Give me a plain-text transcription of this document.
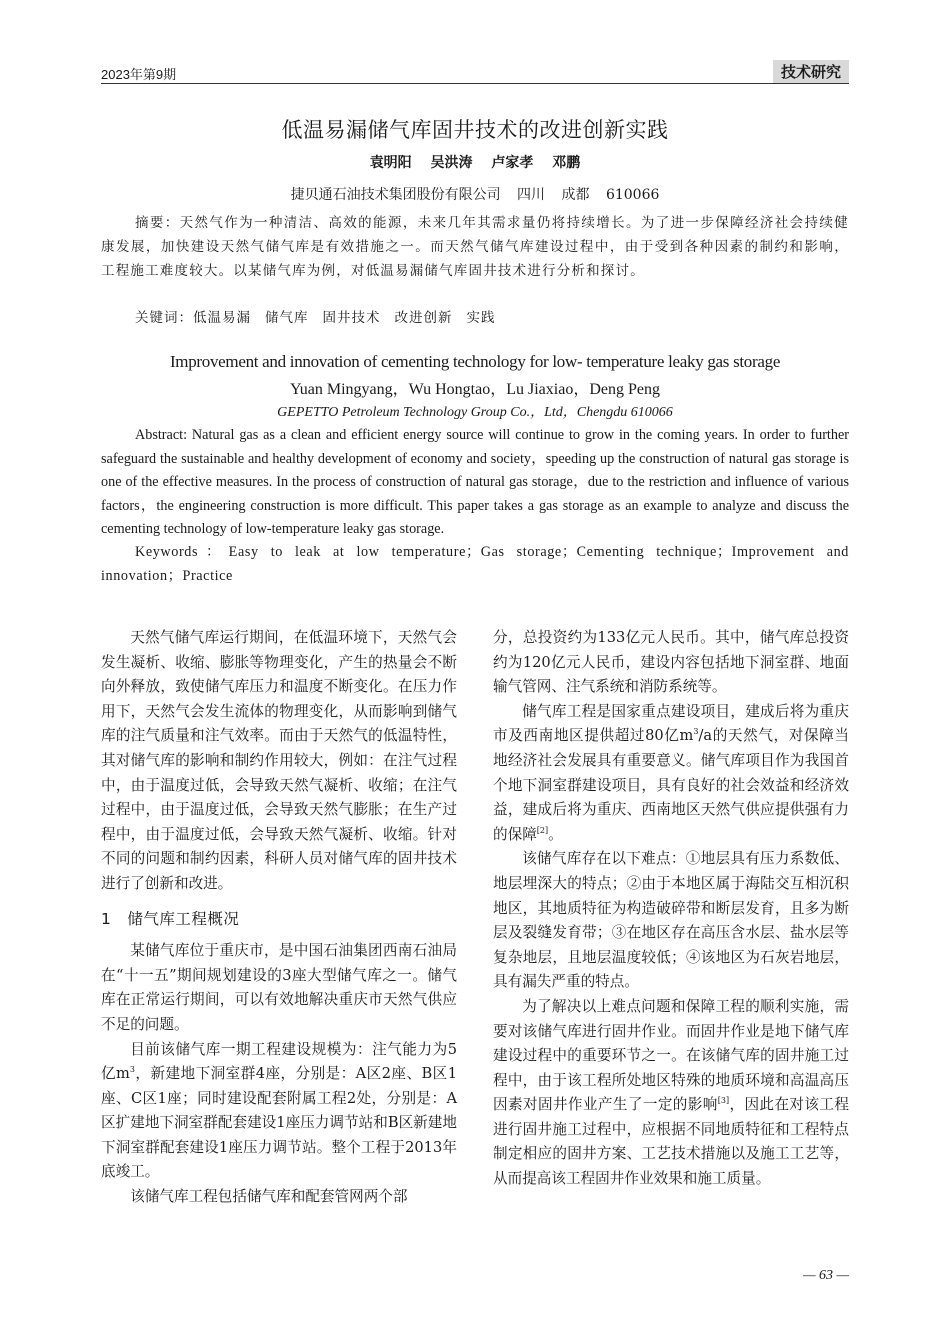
2023年第9期	技术研究
低温易漏储气库固井技术的改进创新实践
袁明阳 吴洪涛 卢家孝 邓鹏
捷贝通石油技术集团股份有限公司 四川 成都 610066
摘要：天然气作为一种清洁、高效的能源，未来几年其需求量仍将持续增长。为了进一步保障经济社会持续健康发展，加快建设天然气储气库是有效措施之一。而天然气储气库建设过程中，由于受到各种因素的制约和影响，工程施工难度较大。以某储气库为例，对低温易漏储气库固井技术进行分析和探讨。
关键词：低温易漏 储气库 固井技术 改进创新 实践
Improvement and innovation of cementing technology for low- temperature leaky gas storage
Yuan Mingyang，Wu Hongtao，Lu Jiaxiao，Deng Peng
GEPETTO Petroleum Technology Group Co.，Ltd，Chengdu 610066
Abstract: Natural gas as a clean and efficient energy source will continue to grow in the coming years. In order to further safeguard the sustainable and healthy development of economy and society，speeding up the construction of natural gas storage is one of the effective measures. In the process of construction of natural gas storage，due to the restriction and influence of various factors，the engineering construction is more difficult. This paper takes a gas storage as an example to analyze and discuss the cementing technology of low-temperature leaky gas storage.
Keywords：Easy to leak at low temperature；Gas storage；Cementing technique；Improvement and innovation；Practice

天然气储气库运行期间，在低温环境下，天然气会发生凝析、收缩、膨胀等物理变化，产生的热量会不断向外释放，致使储气库压力和温度不断变化。在压力作用下，天然气会发生流体的物理变化，从而影响到储气库的注气质量和注气效率。而由于天然气的低温特性，其对储气库的影响和制约作用较大，例如：在注气过程中，由于温度过低，会导致天然气凝析、收缩；在注气过程中，由于温度过低，会导致天然气膨胀；在生产过程中，由于温度过低，会导致天然气凝析、收缩。针对不同的问题和制约因素，科研人员对储气库的固井技术进行了创新和改进。

1 储气库工程概况

某储气库位于重庆市，是中国石油集团西南石油局在“十一五”期间规划建设的3座大型储气库之一。储气库在正常运行期间，可以有效地解决重庆市天然气供应不足的问题。

目前该储气库一期工程建设规模为：注气能力为5亿$m^3$，新建地下洞室群4座，分别是：A区2座、B区1座、C区1座；同时建设配套附属工程2处，分别是：A区扩建地下洞室群配套建设1座压力调节站和B区新建地下洞室群配套建设1座压力调节站。整个工程于2013年底竣工。

该储气库工程包括储气库和配套管网两个部

分，总投资约为133亿元人民币。其中，储气库总投资约为120亿元人民币，建设内容包括地下洞室群、地面输气管网、注气系统和消防系统等。

储气库工程是国家重点建设项目，建成后将为重庆市及西南地区提供超过80亿$m^3/a$的天然气，对保障当地经济社会发展具有重要意义。储气库项目作为我国首个地下洞室群建设项目，具有良好的社会效益和经济效益，建成后将为重庆、西南地区天然气供应提供强有力的保障[2]。

该储气库存在以下难点：①地层具有压力系数低、地层埋深大的特点；②由于本地区属于海陆交互相沉积地区，其地质特征为构造破碎带和断层发育，且多为断层及裂缝发育带；③在地区存在高压含水层、盐水层等复杂地层，且地层温度较低；④该地区为石灰岩地层，具有漏失严重的特点。

为了解决以上难点问题和保障工程的顺利实施，需要对该储气库进行固井作业。而固井作业是地下储气库建设过程中的重要环节之一。在该储气库的固井施工过程中，由于该工程所处地区特殊的地质环境和高温高压因素对固井作业产生了一定的影响[3]，因此在对该工程进行固井施工过程中，应根据不同地质特征和工程特点制定相应的固井方案、工艺技术措施以及施工工艺等，从而提高该工程固井作业效果和施工质量。

— 63 —
